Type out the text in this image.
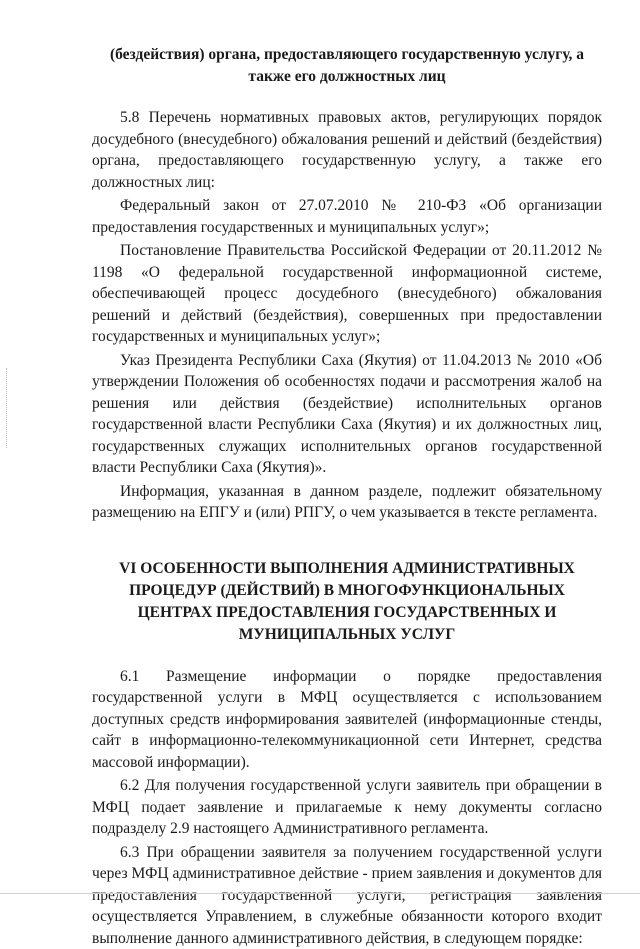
(бездействия) органа, предоставляющего государственную услугу, а также его должностных лиц

5.8 Перечень нормативных правовых актов, регулирующих порядок досудебного (внесудебного) обжалования решений и действий (бездействия) органа, предоставляющего государственную услугу, а также его должностных лиц:

Федеральный закон от 27.07.2010 № 210-ФЗ «Об организации предоставления государственных и муниципальных услуг»;

Постановление Правительства Российской Федерации от 20.11.2012 № 1198 «О федеральной государственной информационной системе, обеспечивающей процесс досудебного (внесудебного) обжалования решений и действий (бездействия), совершенных при предоставлении государственных и муниципальных услуг»;

Указ Президента Республики Саха (Якутия) от 11.04.2013 № 2010 «Об утверждении Положения об особенностях подачи и рассмотрения жалоб на решения или действия (бездействие) исполнительных органов государственной власти Республики Саха (Якутия) и их должностных лиц, государственных служащих исполнительных органов государственной власти Республики Саха (Якутия)».

Информация, указанная в данном разделе, подлежит обязательному размещению на ЕПГУ и (или) РПГУ, о чем указывается в тексте регламента.

VI ОСОБЕННОСТИ ВЫПОЛНЕНИЯ АДМИНИСТРАТИВНЫХ ПРОЦЕДУР (ДЕЙСТВИЙ) В МНОГОФУНКЦИОНАЛЬНЫХ ЦЕНТРАХ ПРЕДОСТАВЛЕНИЯ ГОСУДАРСТВЕННЫХ И МУНИЦИПАЛЬНЫХ УСЛУГ

6.1 Размещение информации о порядке предоставления государственной услуги в МФЦ осуществляется с использованием доступных средств информирования заявителей (информационные стенды, сайт в информационно-телекоммуникационной сети Интернет, средства массовой информации).

6.2 Для получения государственной услуги заявитель при обращении в МФЦ подает заявление и прилагаемые к нему документы согласно подразделу 2.9 настоящего Административного регламента.

6.3 При обращении заявителя за получением государственной услуги через МФЦ административное действие - прием заявления и документов для предоставления государственной услуги, регистрация заявления осуществляется Управлением, в служебные обязанности которого входит выполнение данного административного действия, в следующем порядке:
